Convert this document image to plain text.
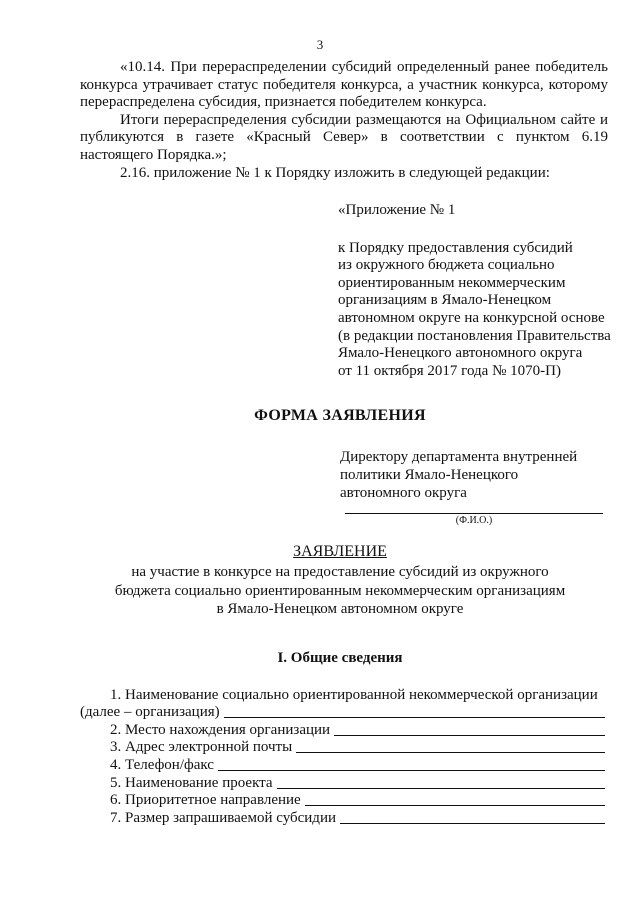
3

«10.14. При перераспределении субсидий определенный ранее победитель конкурса утрачивает статус победителя конкурса, а участник конкурса, которому перераспределена субсидия, признается победителем конкурса.

Итоги перераспределения субсидии размещаются на Официальном сайте и публикуются в газете «Красный Север» в соответствии с пунктом 6.19 настоящего Порядка.»;

2.16. приложение № 1 к Порядку изложить в следующей редакции:

«Приложение № 1
к Порядку предоставления субсидий
из окружного бюджета социально
ориентированным некоммерческим
организациям в Ямало-Ненецком
автономном округе на конкурсной основе
(в редакции постановления Правительства
Ямало-Ненецкого автономного округа
от 11 октября 2017 года № 1070-П)
ФОРМА ЗАЯВЛЕНИЯ
Директору департамента внутренней
политики Ямало-Ненецкого
автономного округа
(Ф.И.О.)
ЗАЯВЛЕНИЕ
на участие в конкурсе на предоставление субсидий из окружного
бюджета социально ориентированным некоммерческим организациям
в Ямало-Ненецком автономном округе
I. Общие сведения
1. Наименование социально ориентированной некоммерческой организации
(далее – организация)
2. Место нахождения организации
3. Адрес электронной почты
4. Телефон/факс
5. Наименование проекта
6. Приоритетное направление
7. Размер запрашиваемой субсидии
